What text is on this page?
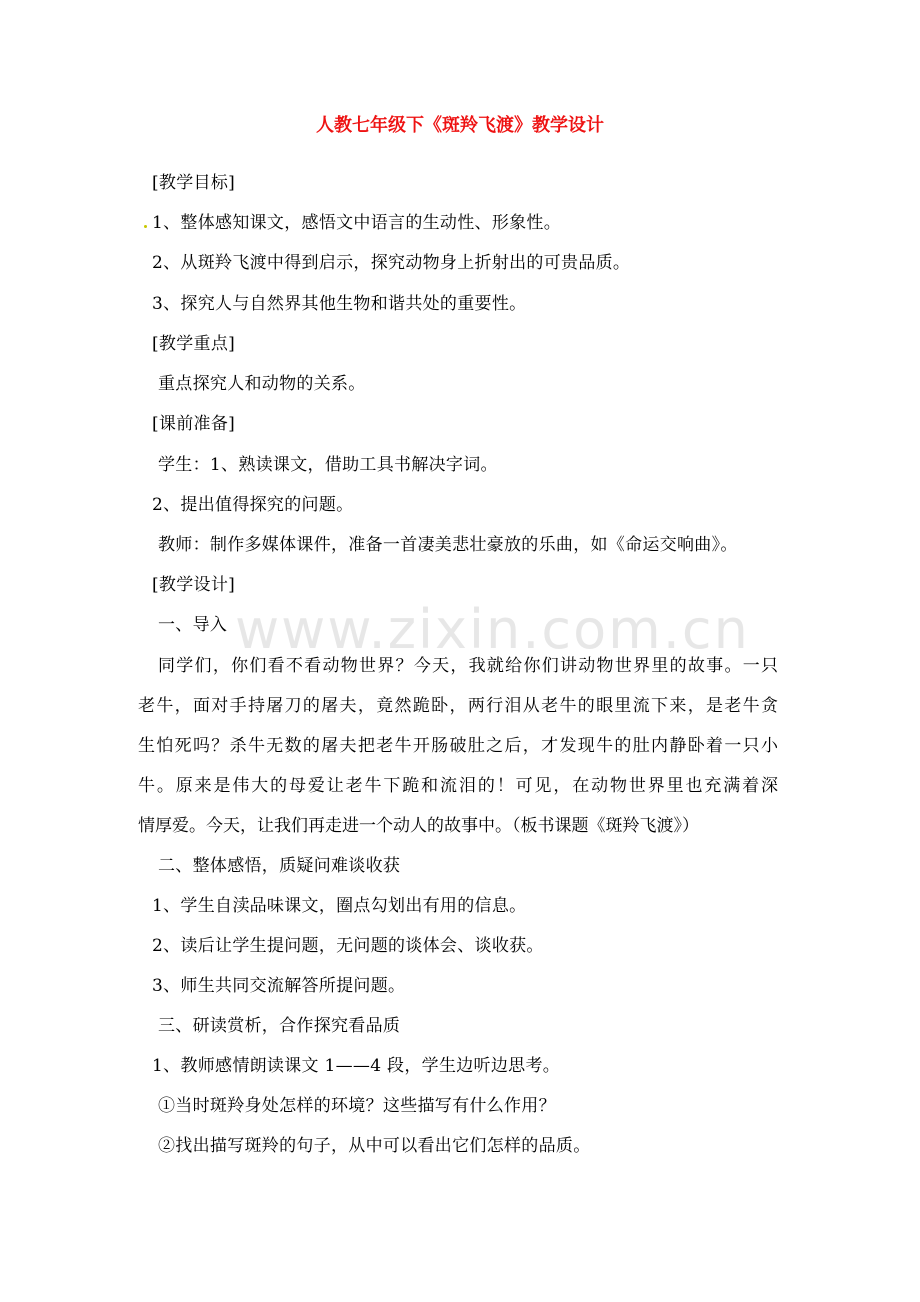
www.zixin.com.cn
人教七年级下《斑羚飞渡》教学设计
[教学目标]
1、整体感知课文，感悟文中语言的生动性、形象性。
2、从斑羚飞渡中得到启示，探究动物身上折射出的可贵品质。
3、探究人与自然界其他生物和谐共处的重要性。
[教学重点]
重点探究人和动物的关系。
[课前准备]
学生：1、熟读课文，借助工具书解决字词。
2、提出值得探究的问题。
教师：制作多媒体课件，准备一首凄美悲壮豪放的乐曲，如《命运交响曲》。
[教学设计]
一、导入
同学们，你们看不看动物世界？今天，我就给你们讲动物世界里的故事。一只
老牛，面对手持屠刀的屠夫，竟然跪卧，两行泪从老牛的眼里流下来，是老牛贪
生怕死吗？杀牛无数的屠夫把老牛开肠破肚之后，才发现牛的肚内静卧着一只小
牛。原来是伟大的母爱让老牛下跪和流泪的！可见，在动物世界里也充满着深
情厚爱。今天，让我们再走进一个动人的故事中。（板书课题《斑羚飞渡》）
二、整体感悟，质疑问难谈收获
1、学生自渎品味课文，圈点勾划出有用的信息。
2、读后让学生提问题，无问题的谈体会、谈收获。
3、师生共同交流解答所提问题。
三、研读赏析，合作探究看品质
1、教师感情朗读课文 1——4 段，学生边听边思考。
①当时斑羚身处怎样的环境？这些描写有什么作用？
②找出描写斑羚的句子，从中可以看出它们怎样的品质。
